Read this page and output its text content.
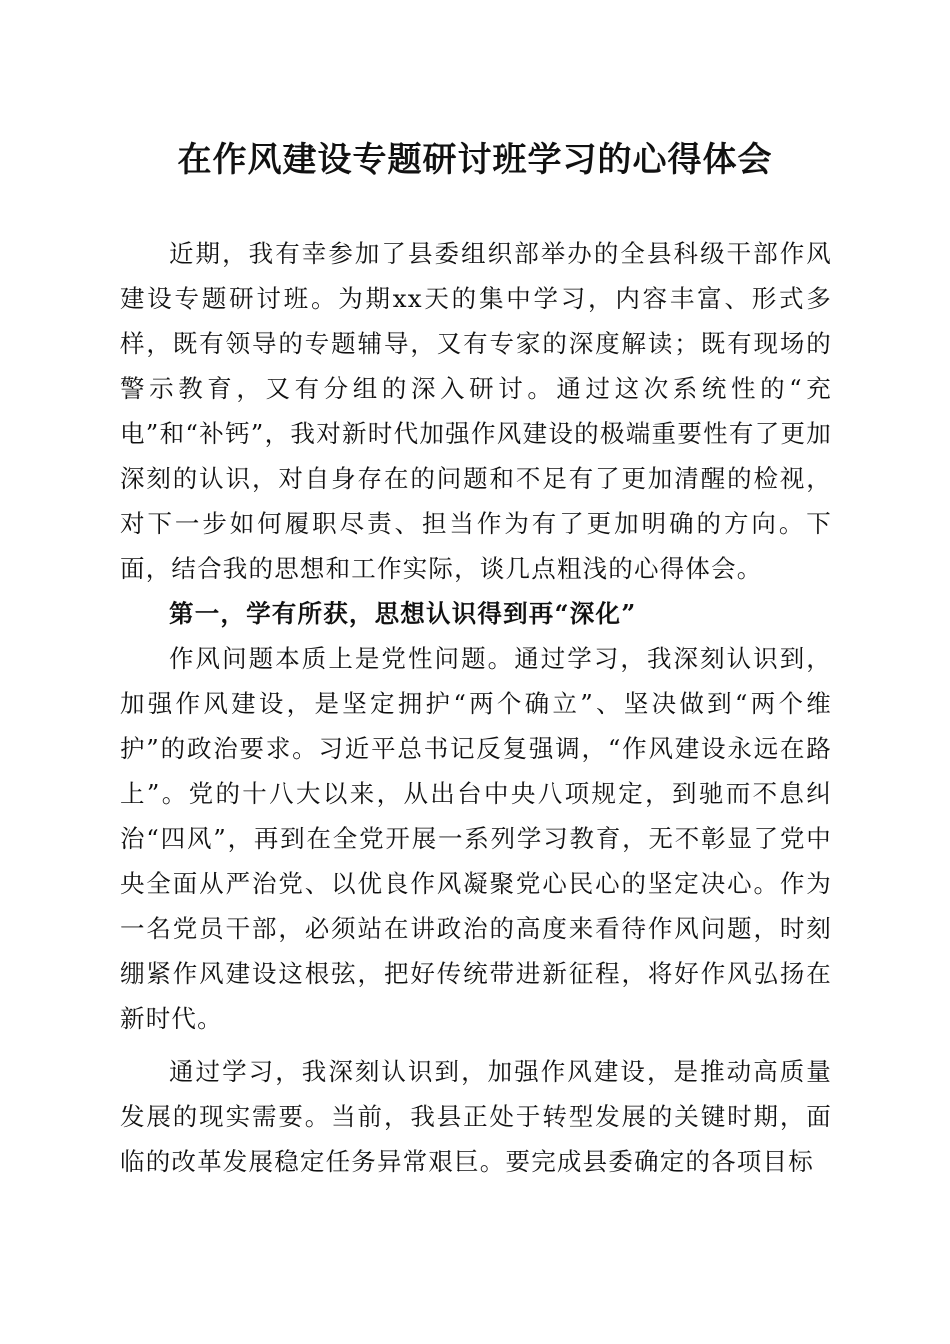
在作风建设专题研讨班学习的心得体会

近期，我有幸参加了县委组织部举办的全县科级干部作风建设专题研讨班。为期xx天的集中学习，内容丰富、形式多样，既有领导的专题辅导，又有专家的深度解读；既有现场的警示教育，又有分组的深入研讨。通过这次系统性的“充电”和“补钙”，我对新时代加强作风建设的极端重要性有了更加深刻的认识，对自身存在的问题和不足有了更加清醒的检视，对下一步如何履职尽责、担当作为有了更加明确的方向。下面，结合我的思想和工作实际，谈几点粗浅的心得体会。

第一，学有所获，思想认识得到再“深化”

作风问题本质上是党性问题。通过学习，我深刻认识到，加强作风建设，是坚定拥护“两个确立”、坚决做到“两个维护”的政治要求。习近平总书记反复强调，“作风建设永远在路上”。党的十八大以来，从出台中央八项规定，到驰而不息纠治“四风”，再到在全党开展一系列学习教育，无不彰显了党中央全面从严治党、以优良作风凝聚党心民心的坚定决心。作为一名党员干部，必须站在讲政治的高度来看待作风问题，时刻绷紧作风建设这根弦，把好传统带进新征程，将好作风弘扬在新时代。

通过学习，我深刻认识到，加强作风建设，是推动高质量发展的现实需要。当前，我县正处于转型发展的关键时期，面临的改革发展稳定任务异常艰巨。要完成县委确定的各项目标
